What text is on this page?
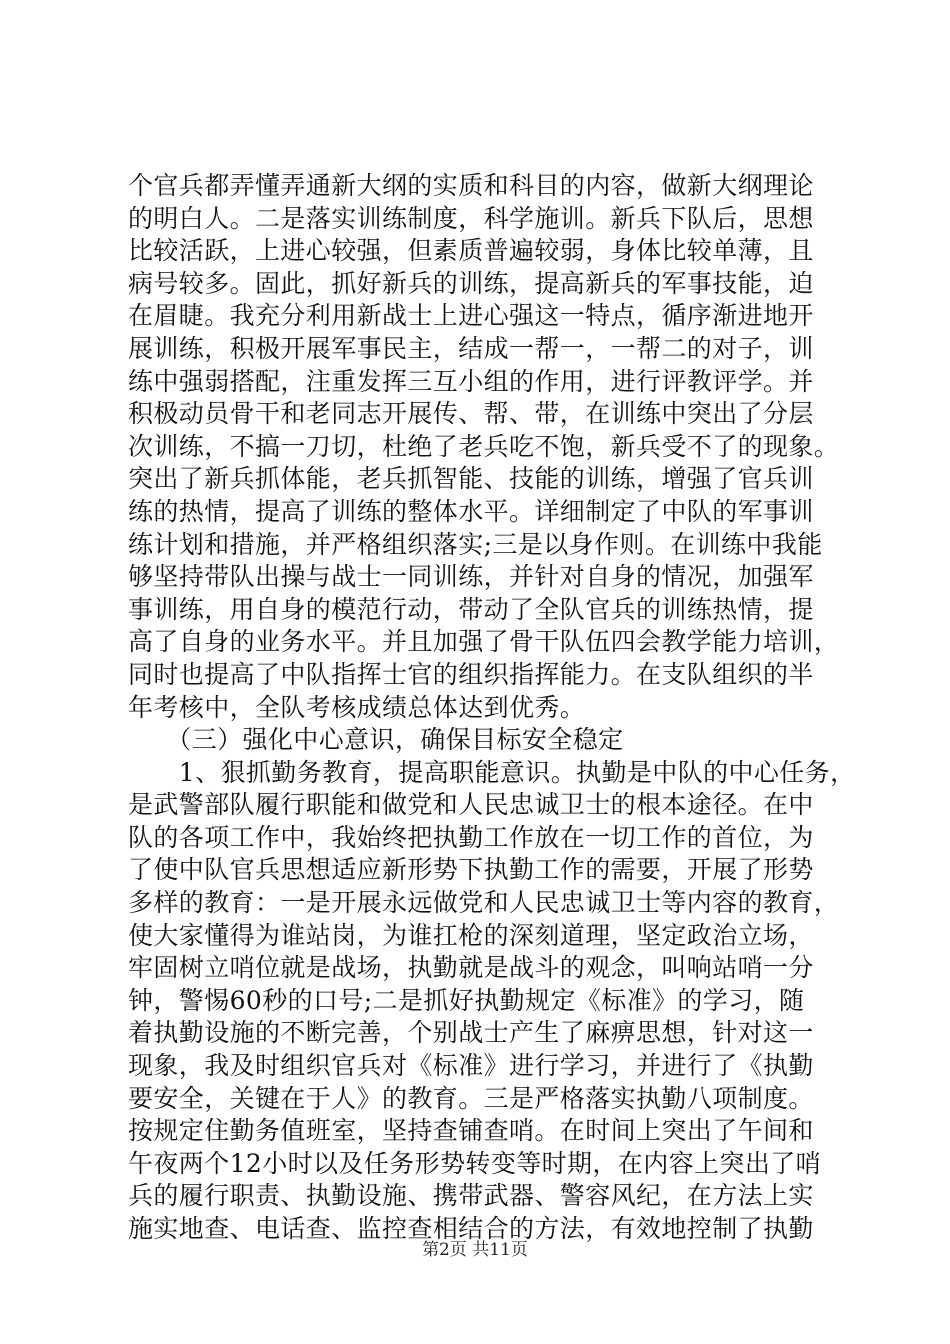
个官兵都弄懂弄通新大纲的实质和科目的内容，做新大纲理论
的明白人。二是落实训练制度，科学施训。新兵下队后，思想
比较活跃，上进心较强，但素质普遍较弱，身体比较单薄，且
病号较多。固此，抓好新兵的训练，提高新兵的军事技能，迫
在眉睫。我充分利用新战士上进心强这一特点，循序渐进地开
展训练，积极开展军事民主，结成一帮一，一帮二的对子，训
练中强弱搭配，注重发挥三互小组的作用，进行评教评学。并
积极动员骨干和老同志开展传、帮、带，在训练中突出了分层
次训练，不搞一刀切，杜绝了老兵吃不饱，新兵受不了的现象。
突出了新兵抓体能，老兵抓智能、技能的训练，增强了官兵训
练的热情，提高了训练的整体水平。详细制定了中队的军事训
练计划和措施，并严格组织落实;三是以身作则。在训练中我能
够坚持带队出操与战士一同训练，并针对自身的情况，加强军
事训练，用自身的模范行动，带动了全队官兵的训练热情，提
高了自身的业务水平。并且加强了骨干队伍四会教学能力培训，
同时也提高了中队指挥士官的组织指挥能力。在支队组织的半
年考核中，全队考核成绩总体达到优秀。
　　（三）强化中心意识，确保目标安全稳定
　　1、狠抓勤务教育，提高职能意识。执勤是中队的中心任务，
是武警部队履行职能和做党和人民忠诚卫士的根本途径。在中
队的各项工作中，我始终把执勤工作放在一切工作的首位，为
了使中队官兵思想适应新形势下执勤工作的需要，开展了形势
多样的教育：一是开展永远做党和人民忠诚卫士等内容的教育，
使大家懂得为谁站岗，为谁扛枪的深刻道理，坚定政治立场，
牢固树立哨位就是战场，执勤就是战斗的观念，叫响站哨一分
钟，警惕60秒的口号;二是抓好执勤规定《标准》的学习，随
着执勤设施的不断完善，个别战士产生了麻痹思想，针对这一
现象，我及时组织官兵对《标准》进行学习，并进行了《执勤
要安全，关键在于人》的教育。三是严格落实执勤八项制度。
按规定住勤务值班室，坚持查铺查哨。在时间上突出了午间和
午夜两个12小时以及任务形势转变等时期，在内容上突出了哨
兵的履行职责、执勤设施、携带武器、警容风纪，在方法上实
施实地查、电话查、监控查相结合的方法，有效地控制了执勤
第2页 共11页
